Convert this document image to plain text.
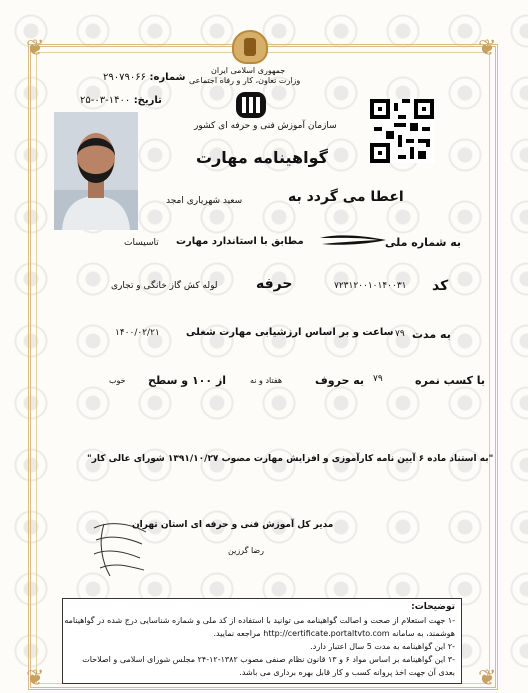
❦	❦
❦	❦
جمهوری اسلامی ایران
وزارت تعاون، کار و رفاه اجتماعی
شماره: ۲۹۰۷۹۰۶۶
تاریخ: ۱۴۰۰-۰۳-۲۵
سازمان آموزش فنی و حرفه ای کشور
گواهینامه مهارت
اعطا می گردد به
سعید شهریاری امجد
به شماره ملی
مطابق با استاندارد مهارت
تاسیسات
کد
۷۲۳۱۲۰۰۱۰۱۴۰۰۳۱
حرفه
لوله کش گاز خانگی و تجاری
به مدت
۷۹
ساعت و بر اساس ارزشیابی مهارت شغلی
۱۴۰۰/۰۲/۲۱
با کسب نمره
۷۹
به حروف
هفتاد و نه
از ۱۰۰ و سطح
خوب
"به استناد ماده ۶ آیین نامه کارآموزی و افزایش مهارت مصوب ۱۳۹۱/۱۰/۲۷ شورای عالی کار"
مدیر کل آموزش فنی و حرفه ای استان تهران
رضا گرزین
توضیحات:
-۱ جهت استعلام از صحت و اصالت گواهینامه می توانید با استفاده از کد ملی و شماره شناسایی درج شده در گواهینامه
هوشمند، به سامانه http://certificate.portaltvto.com مراجعه نمایید.
-۲ این گواهینامه به مدت 5 سال اعتبار دارد.
-۳ این گواهینامه بر اساس مواد ۶ و ۱۳ قانون نظام صنفی مصوب ۱۳۸۲-۱۲-۲۴ مجلس شورای اسلامی و اصلاحات
بعدی آن جهت اخذ پروانه کسب و کار قابل بهره برداری می باشد.
